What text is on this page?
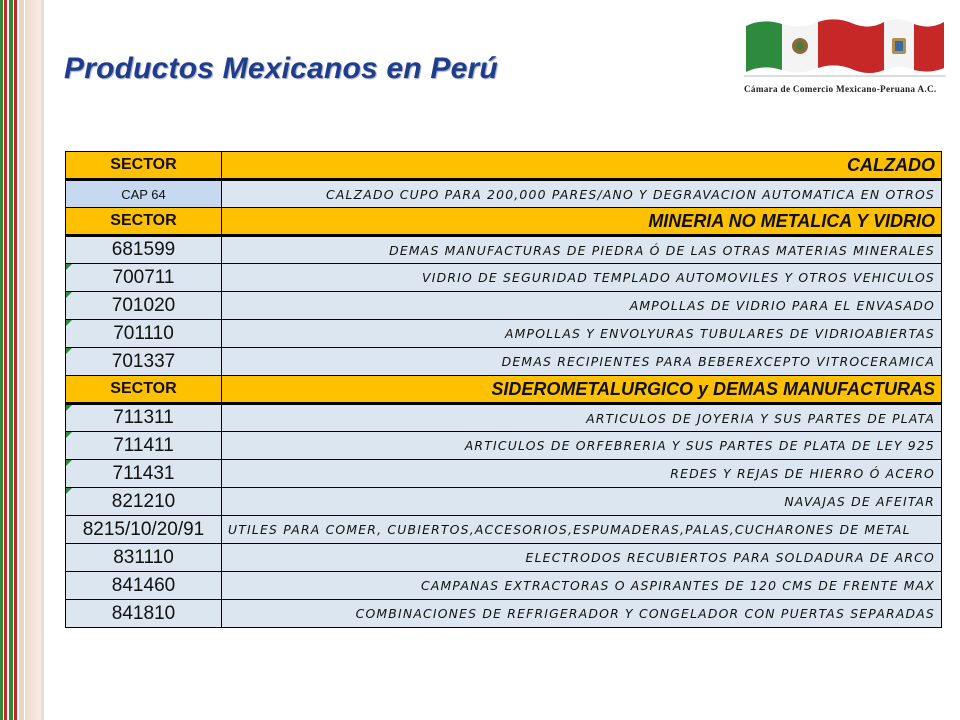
Productos Mexicanos en Perú
Cámara de Comercio Mexicano-Peruana A.C.
SECTOR	CALZADO
CAP 64	CALZADO CUPO PARA 200,000 PARES/ANO Y DEGRAVACION AUTOMATICA EN OTROS
SECTOR	MINERIA NO METALICA Y VIDRIO
681599	DEMAS MANUFACTURAS DE PIEDRA Ó DE LAS OTRAS MATERIAS MINERALES
700711	VIDRIO DE SEGURIDAD TEMPLADO AUTOMOVILES Y OTROS VEHICULOS
701020	AMPOLLAS DE VIDRIO PARA EL ENVASADO
701110	AMPOLLAS Y ENVOLYURAS TUBULARES DE VIDRIOABIERTAS
701337	DEMAS RECIPIENTES PARA BEBEREXCEPTO VITROCERAMICA
SECTOR	SIDEROMETALURGICO y DEMAS MANUFACTURAS
711311	ARTICULOS DE JOYERIA Y SUS PARTES DE PLATA
711411	ARTICULOS DE ORFEBRERIA Y SUS PARTES DE PLATA DE LEY 925
711431	REDES Y REJAS DE HIERRO Ó ACERO
821210	NAVAJAS DE AFEITAR
8215/10/20/91	UTILES PARA COMER, CUBIERTOS,ACCESORIOS,ESPUMADERAS,PALAS,CUCHARONES DE METAL
831110	ELECTRODOS RECUBIERTOS PARA SOLDADURA DE ARCO
841460	CAMPANAS EXTRACTORAS O ASPIRANTES DE 120 CMS DE FRENTE MAX
841810	COMBINACIONES DE REFRIGERADOR Y CONGELADOR CON PUERTAS SEPARADAS
